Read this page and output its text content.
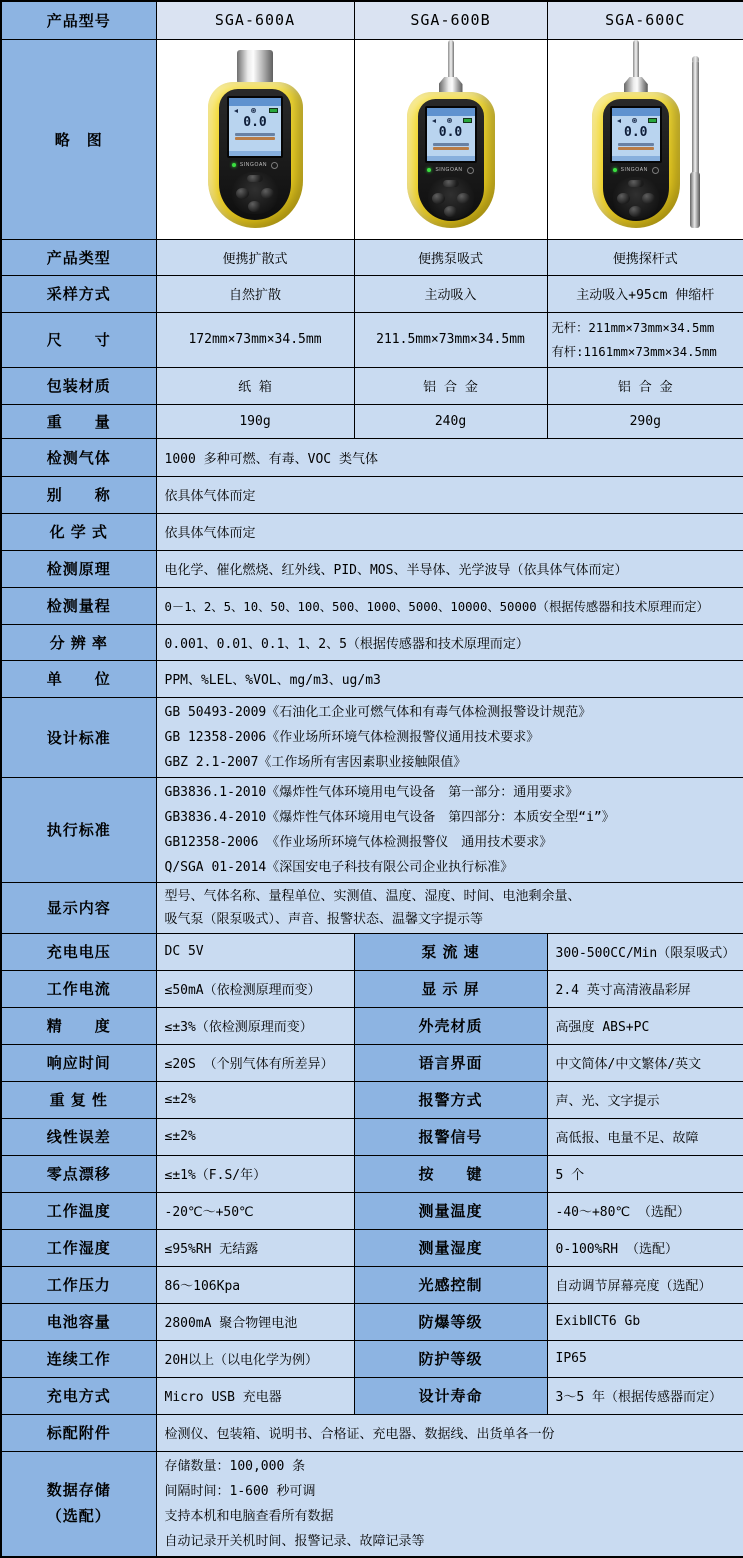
产品型号	SGA-600A	SGA-600B	SGA-600C
略　图	
0.0
SINGOAN

0.0
SINGOAN

0.0
SINGOAN

产品类型	便携扩散式	便携泵吸式	便携探杆式
采样方式	自然扩散	主动吸入	主动吸入+95cm 伸缩杆
尺　　寸	172mm×73mm×34.5mm	211.5mm×73mm×34.5mm	无杆：211mm×73mm×34.5mm
有杆:1161mm×73mm×34.5mm

包装材质	纸 箱	铝 合 金	铝 合 金
重　　量	190g	240g	290g
检测气体	1000 多种可燃、有毒、VOC 类气体		
别　　称	依具体气体而定		
化 学 式	依具体气体而定		
检测原理	电化学、催化燃烧、红外线、PID、MOS、半导体、光学波导（依具体气体而定）		
检测量程	0－1、2、5、10、50、100、500、1000、5000、10000、50000（根据传感器和技术原理而定）		
分 辨 率	0.001、0.01、0.1、1、2、5（根据传感器和技术原理而定）		
单　　位	PPM、%LEL、%VOL、mg/m3、ug/m3		
设计标准	GB 50493-2009《石油化工企业可燃气体和有毒气体检测报警设计规范》
GB 12358-2006《作业场所环境气体检测报警仪通用技术要求》
GBZ 2.1-2007《工作场所有害因素职业接触限值》		

执行标准	GB3836.1-2010《爆炸性气体环境用电气设备　第一部分：通用要求》
GB3836.4-2010《爆炸性气体环境用电气设备　第四部分：本质安全型“i”》
GB12358-2006 《作业场所环境气体检测报警仪　通用技术要求》
Q/SGA 01-2014《深国安电子科技有限公司企业执行标准》		

显示内容	型号、气体名称、量程单位、实测值、温度、湿度、时间、电池剩余量、
吸气泵（限泵吸式）、声音、报警状态、温馨文字提示等		

充电电压	DC 5V	泵 流 速	300-500CC/Min（限泵吸式）
工作电流	≤50mA（依检测原理而变）	显 示 屏	2.4 英寸高清液晶彩屏
精　　度	≤±3%（依检测原理而变）	外壳材质	高强度 ABS+PC
响应时间	≤20S （个别气体有所差异）	语言界面	中文简体/中文繁体/英文
重 复 性	≤±2%	报警方式	声、光、文字提示
线性误差	≤±2%	报警信号	高低报、电量不足、故障
零点漂移	≤±1%（F.S/年）	按　　键	5 个
工作温度	-20℃～+50℃	测量温度	-40～+80℃ （选配）
工作湿度	≤95%RH 无结露	测量湿度	0-100%RH （选配）
工作压力	86～106Kpa	光感控制	自动调节屏幕亮度（选配）
电池容量	2800mA 聚合物锂电池	防爆等级	ExibⅡCT6 Gb
连续工作	20H以上（以电化学为例）	防护等级	IP65
充电方式	Micro USB 充电器	设计寿命	3～5 年（根据传感器而定）
标配附件	检测仪、包装箱、说明书、合格证、充电器、数据线、出货单各一份		

数据存储
（选配）

存储数量：100,000 条
间隔时间：1-600 秒可调
支持本机和电脑查看所有数据
自动记录开关机时间、报警记录、故障记录等
